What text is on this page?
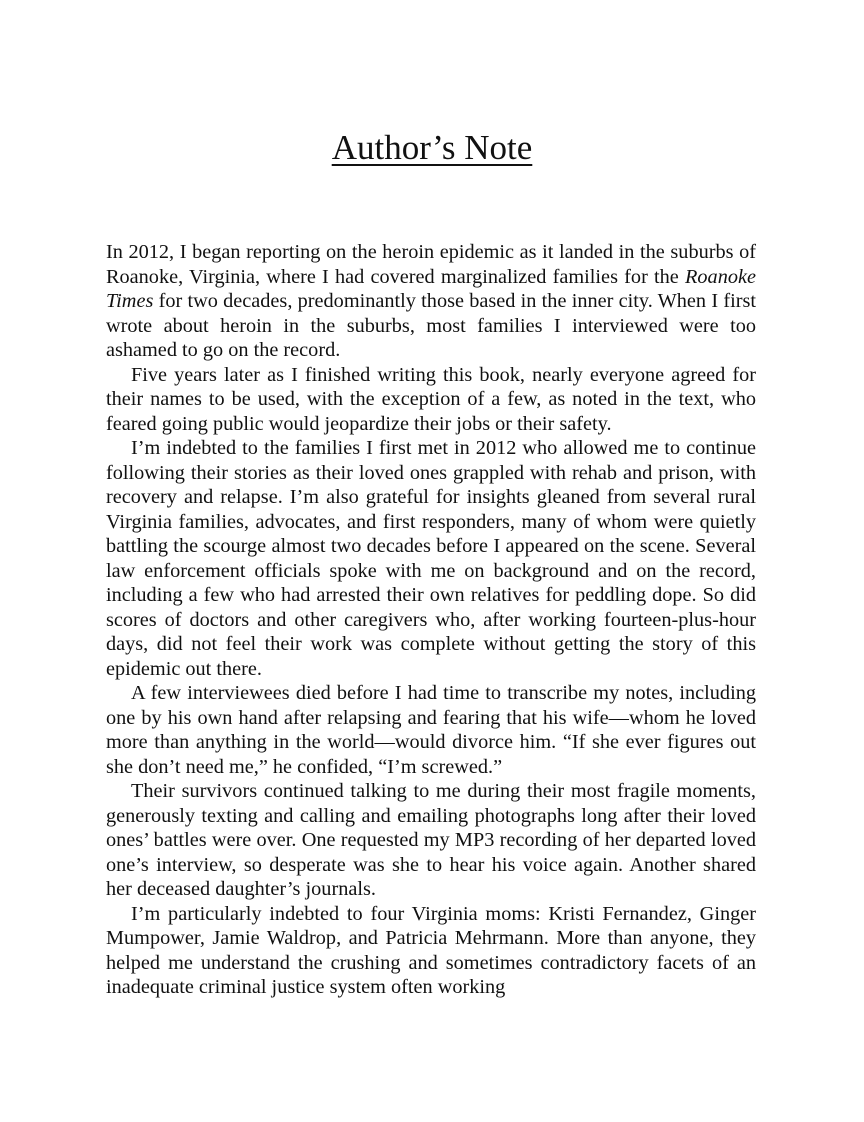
Author’s Note

In 2012, I began reporting on the heroin epidemic as it landed in the suburbs of Roanoke, Virginia, where I had covered marginalized families for the Roanoke Times for two decades, predominantly those based in the inner city. When I first wrote about heroin in the suburbs, most families I interviewed were too ashamed to go on the record.

Five years later as I finished writing this book, nearly everyone agreed for their names to be used, with the exception of a few, as noted in the text, who feared going public would jeopardize their jobs or their safety.

I’m indebted to the families I first met in 2012 who allowed me to continue following their stories as their loved ones grappled with rehab and prison, with recovery and relapse. I’m also grateful for insights gleaned from several rural Virginia families, advocates, and first responders, many of whom were quietly battling the scourge almost two decades before I appeared on the scene. Several law enforcement officials spoke with me on background and on the record, including a few who had arrested their own relatives for peddling dope. So did scores of doctors and other caregivers who, after working fourteen-plus-hour days, did not feel their work was complete without getting the story of this epidemic out there.

A few interviewees died before I had time to transcribe my notes, including one by his own hand after relapsing and fearing that his wife—whom he loved more than anything in the world—would divorce him. “If she ever figures out she don’t need me,” he confided, “I’m screwed.”

Their survivors continued talking to me during their most fragile moments, generously texting and calling and emailing photographs long after their loved ones’ battles were over. One requested my MP3 recording of her departed loved one’s interview, so desperate was she to hear his voice again. Another shared her deceased daughter’s journals.

I’m particularly indebted to four Virginia moms: Kristi Fernandez, Ginger Mumpower, Jamie Waldrop, and Patricia Mehrmann. More than anyone, they helped me understand the crushing and sometimes contradictory facets of an inadequate criminal justice system often working
